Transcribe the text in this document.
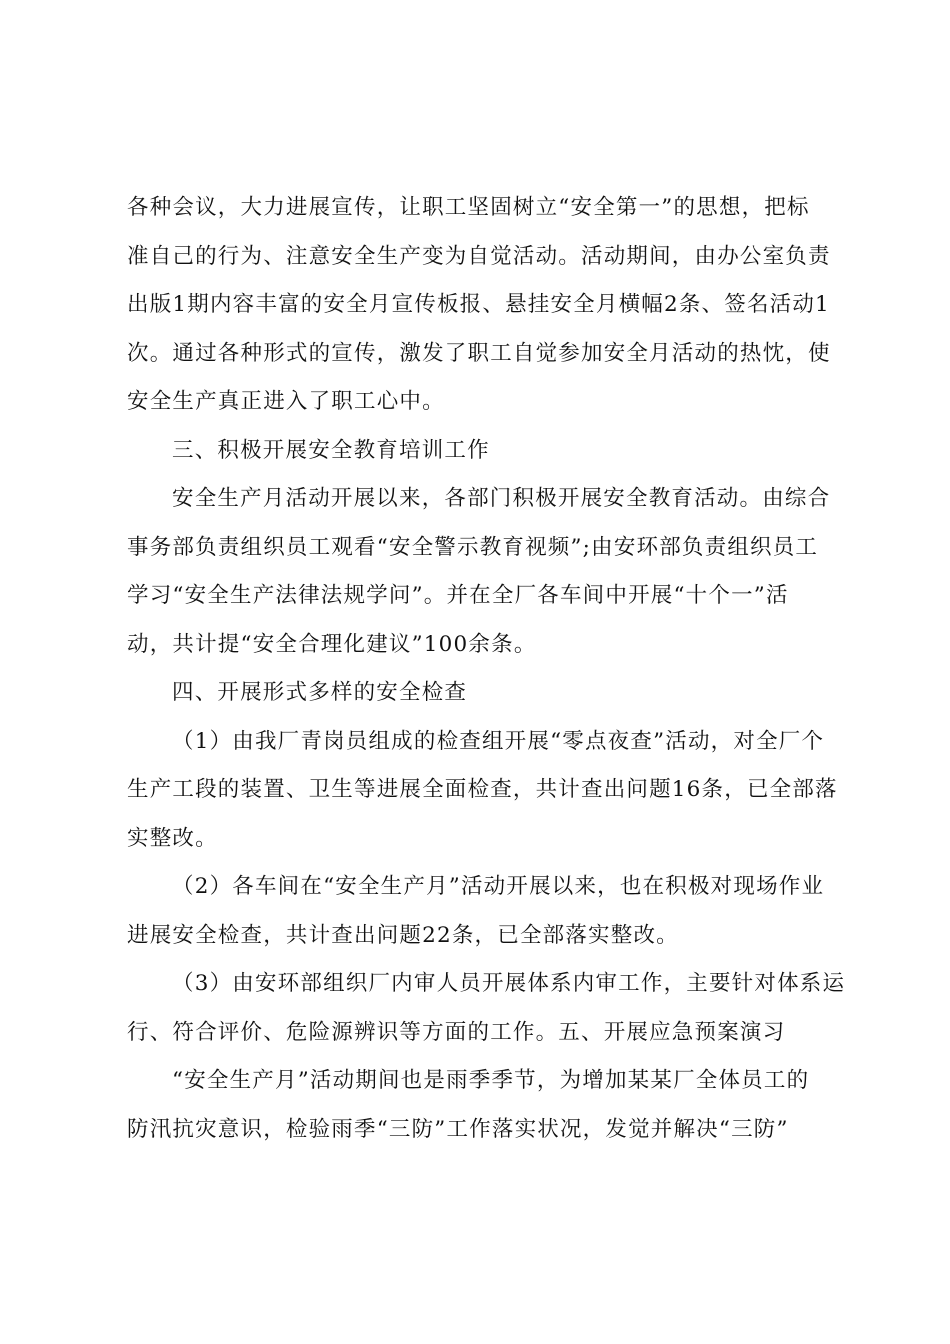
各种会议，大力进展宣传，让职工坚固树立“安全第一”的思想，把标
准自己的行为、注意安全生产变为自觉活动。活动期间，由办公室负责
出版1期内容丰富的安全月宣传板报、悬挂安全月横幅2条、签名活动1
次。通过各种形式的宣传，激发了职工自觉参加安全月活动的热忱，使
安全生产真正进入了职工心中。
三、积极开展安全教育培训工作
安全生产月活动开展以来，各部门积极开展安全教育活动。由综合
事务部负责组织员工观看“安全警示教育视频”;由安环部负责组织员工
学习“安全生产法律法规学问”。并在全厂各车间中开展“十个一”活
动，共计提“安全合理化建议”100余条。
四、开展形式多样的安全检查
（1）由我厂青岗员组成的检查组开展“零点夜查”活动，对全厂个
生产工段的装置、卫生等进展全面检查，共计查出问题16条，已全部落
实整改。
（2）各车间在“安全生产月”活动开展以来，也在积极对现场作业
进展安全检查，共计查出问题22条，已全部落实整改。
（3）由安环部组织厂内审人员开展体系内审工作，主要针对体系运
行、符合评价、危险源辨识等方面的工作。五、开展应急预案演习
“安全生产月”活动期间也是雨季季节，为增加某某厂全体员工的
防汛抗灾意识，检验雨季“三防”工作落实状况，发觉并解决“三防”
